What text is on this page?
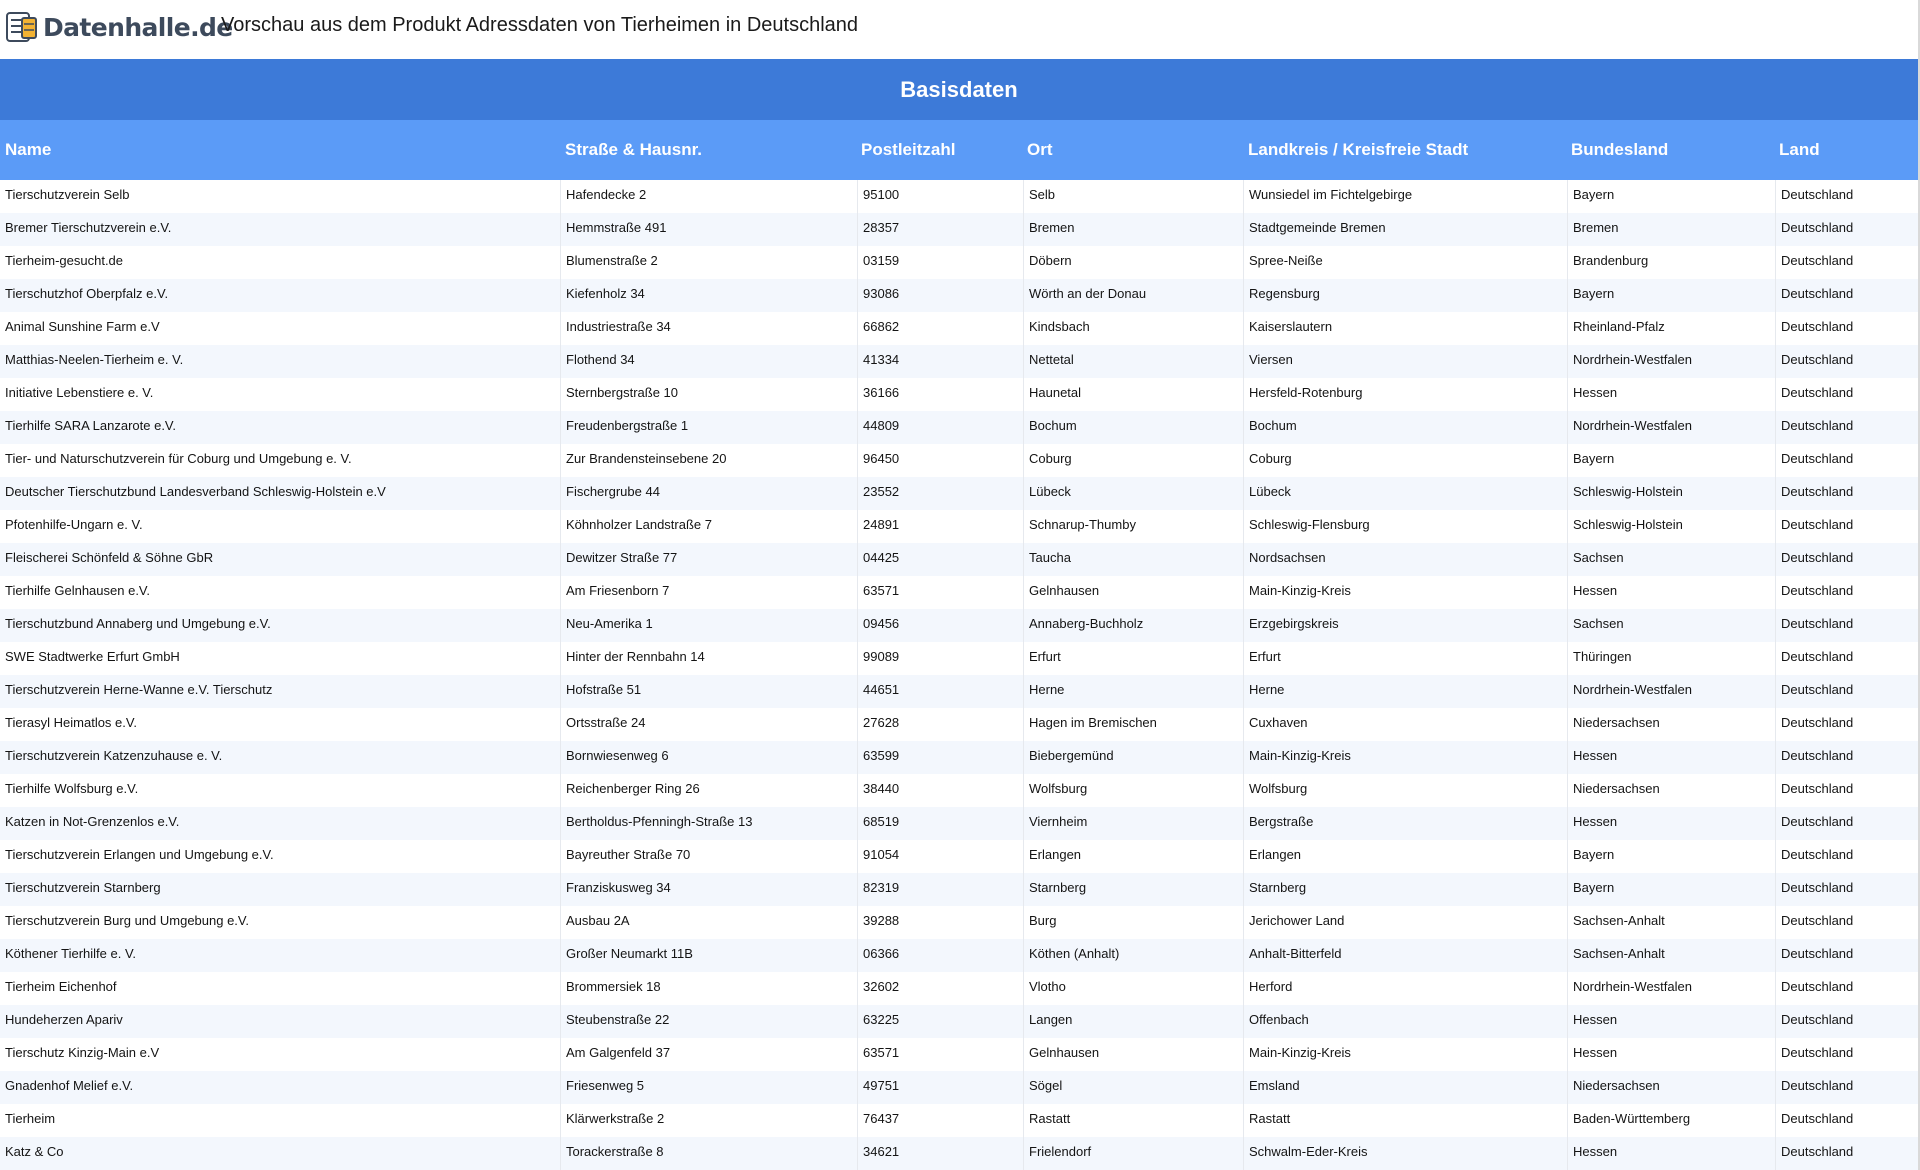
Datenhalle.de
Vorschau aus dem Produkt Adressdaten von Tierheimen in Deutschland
Basisdaten
Name	Straße & Hausnr.	Postleitzahl	Ort	Landkreis / Kreisfreie Stadt	Bundesland	Land
Tierschutzverein Selb	Hafendecke 2	95100	Selb	Wunsiedel im Fichtelgebirge	Bayern	Deutschland
Bremer Tierschutzverein e.V.	Hemmstraße 491	28357	Bremen	Stadtgemeinde Bremen	Bremen	Deutschland
Tierheim-gesucht.de	Blumenstraße 2	03159	Döbern	Spree-Neiße	Brandenburg	Deutschland
Tierschutzhof Oberpfalz e.V.	Kiefenholz 34	93086	Wörth an der Donau	Regensburg	Bayern	Deutschland
Animal Sunshine Farm e.V	Industriestraße 34	66862	Kindsbach	Kaiserslautern	Rheinland-Pfalz	Deutschland
Matthias-Neelen-Tierheim e. V.	Flothend 34	41334	Nettetal	Viersen	Nordrhein-Westfalen	Deutschland
Initiative Lebenstiere e. V.	Sternbergstraße 10	36166	Haunetal	Hersfeld-Rotenburg	Hessen	Deutschland
Tierhilfe SARA Lanzarote e.V.	Freudenbergstraße 1	44809	Bochum	Bochum	Nordrhein-Westfalen	Deutschland
Tier- und Naturschutzverein für Coburg und Umgebung e. V.	Zur Brandensteinsebene 20	96450	Coburg	Coburg	Bayern	Deutschland
Deutscher Tierschutzbund Landesverband Schleswig-Holstein e.V	Fischergrube 44	23552	Lübeck	Lübeck	Schleswig-Holstein	Deutschland
Pfotenhilfe-Ungarn e. V.	Köhnholzer Landstraße 7	24891	Schnarup-Thumby	Schleswig-Flensburg	Schleswig-Holstein	Deutschland
Fleischerei Schönfeld & Söhne GbR	Dewitzer Straße 77	04425	Taucha	Nordsachsen	Sachsen	Deutschland
Tierhilfe Gelnhausen e.V.	Am Friesenborn 7	63571	Gelnhausen	Main-Kinzig-Kreis	Hessen	Deutschland
Tierschutzbund Annaberg und Umgebung e.V.	Neu-Amerika 1	09456	Annaberg-Buchholz	Erzgebirgskreis	Sachsen	Deutschland
SWE Stadtwerke Erfurt GmbH	Hinter der Rennbahn 14	99089	Erfurt	Erfurt	Thüringen	Deutschland
Tierschutzverein Herne-Wanne e.V. Tierschutz	Hofstraße 51	44651	Herne	Herne	Nordrhein-Westfalen	Deutschland
Tierasyl Heimatlos e.V.	Ortsstraße 24	27628	Hagen im Bremischen	Cuxhaven	Niedersachsen	Deutschland
Tierschutzverein Katzenzuhause e. V.	Bornwiesenweg 6	63599	Biebergemünd	Main-Kinzig-Kreis	Hessen	Deutschland
Tierhilfe Wolfsburg e.V.	Reichenberger Ring 26	38440	Wolfsburg	Wolfsburg	Niedersachsen	Deutschland
Katzen in Not-Grenzenlos e.V.	Bertholdus-Pfenningh-Straße 13	68519	Viernheim	Bergstraße	Hessen	Deutschland
Tierschutzverein Erlangen und Umgebung e.V.	Bayreuther Straße 70	91054	Erlangen	Erlangen	Bayern	Deutschland
Tierschutzverein Starnberg	Franziskusweg 34	82319	Starnberg	Starnberg	Bayern	Deutschland
Tierschutzverein Burg und Umgebung e.V.	Ausbau 2A	39288	Burg	Jerichower Land	Sachsen-Anhalt	Deutschland
Köthener Tierhilfe e. V.	Großer Neumarkt 11B	06366	Köthen (Anhalt)	Anhalt-Bitterfeld	Sachsen-Anhalt	Deutschland
Tierheim Eichenhof	Brommersiek 18	32602	Vlotho	Herford	Nordrhein-Westfalen	Deutschland
Hundeherzen Apariv	Steubenstraße 22	63225	Langen	Offenbach	Hessen	Deutschland
Tierschutz Kinzig-Main e.V	Am Galgenfeld 37	63571	Gelnhausen	Main-Kinzig-Kreis	Hessen	Deutschland
Gnadenhof Melief e.V.	Friesenweg 5	49751	Sögel	Emsland	Niedersachsen	Deutschland
Tierheim	Klärwerkstraße 2	76437	Rastatt	Rastatt	Baden-Württemberg	Deutschland
Katz & Co	Torackerstraße 8	34621	Frielendorf	Schwalm-Eder-Kreis	Hessen	Deutschland
